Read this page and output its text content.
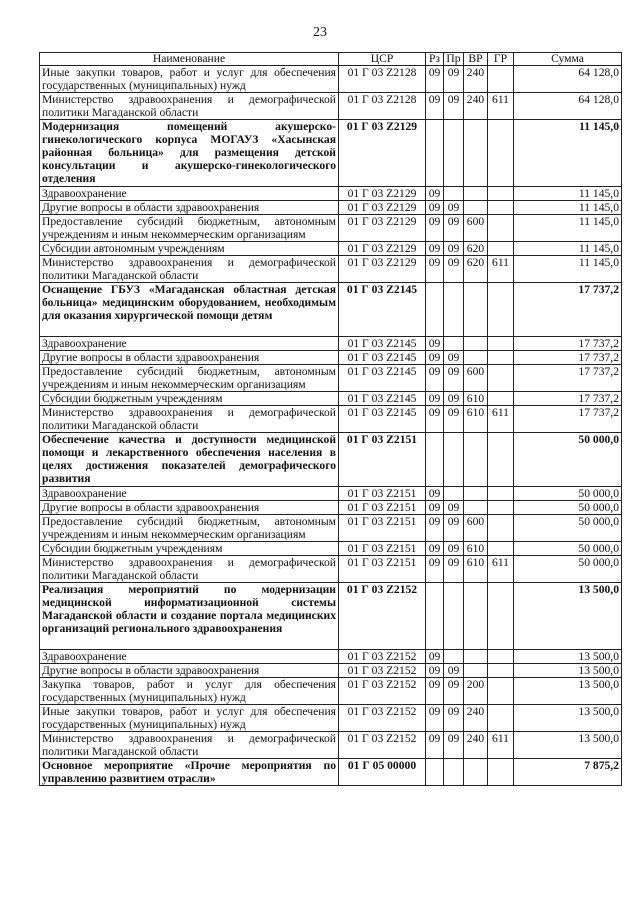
23
Наименование	ЦСР	Рз	Пр	ВР	ГР	Сумма
Иные закупки товаров, работ и услуг для обеспечения государственных (муниципальных) нужд	01 Г 03 Z2128	09	09	240		64 128,0
Министерство здравоохранения и демографической политики Магаданской области	01 Г 03 Z2128	09	09	240	611	64 128,0
Модернизация помещений акушерско-гинекологического корпуса МОГАУЗ «Хасынская районная больница» для размещения детской консультации и акушерско-гинекологического отделения	01 Г 03 Z2129					11 145,0
Здравоохранение	01 Г 03 Z2129	09				11 145,0
Другие вопросы в области здравоохранения	01 Г 03 Z2129	09	09			11 145,0
Предоставление субсидий бюджетным, автономным учреждениям и иным некоммерческим организациям	01 Г 03 Z2129	09	09	600		11 145,0
Субсидии автономным учреждениям	01 Г 03 Z2129	09	09	620		11 145,0
Министерство здравоохранения и демографической политики Магаданской области	01 Г 03 Z2129	09	09	620	611	11 145,0
Оснащение ГБУЗ «Магаданская областная детская больница» медицинским оборудованием, необходимым для оказания хирургической помощи детям	01 Г 03 Z2145					17 737,2
Здравоохранение	01 Г 03 Z2145	09				17 737,2
Другие вопросы в области здравоохранения	01 Г 03 Z2145	09	09			17 737,2
Предоставление субсидий бюджетным, автономным учреждениям и иным некоммерческим организациям	01 Г 03 Z2145	09	09	600		17 737,2
Субсидии бюджетным учреждениям	01 Г 03 Z2145	09	09	610		17 737,2
Министерство здравоохранения и демографической политики Магаданской области	01 Г 03 Z2145	09	09	610	611	17 737,2
Обеспечение качества и доступности медицинской помощи и лекарственного обеспечения населения в целях достижения показателей демографического развития	01 Г 03 Z2151					50 000,0
Здравоохранение	01 Г 03 Z2151	09				50 000,0
Другие вопросы в области здравоохранения	01 Г 03 Z2151	09	09			50 000,0
Предоставление субсидий бюджетным, автономным учреждениям и иным некоммерческим организациям	01 Г 03 Z2151	09	09	600		50 000,0
Субсидии бюджетным учреждениям	01 Г 03 Z2151	09	09	610		50 000,0
Министерство здравоохранения и демографической политики Магаданской области	01 Г 03 Z2151	09	09	610	611	50 000,0
Реализация мероприятий по модернизации медицинской информатизационной системы Магаданской области и создание портала медицинских организаций регионального здравоохранения	01 Г 03 Z2152					13 500,0
Здравоохранение	01 Г 03 Z2152	09				13 500,0
Другие вопросы в области здравоохранения	01 Г 03 Z2152	09	09			13 500,0
Закупка товаров, работ и услуг для обеспечения государственных (муниципальных) нужд	01 Г 03 Z2152	09	09	200		13 500,0
Иные закупки товаров, работ и услуг для обеспечения государственных (муниципальных) нужд	01 Г 03 Z2152	09	09	240		13 500,0
Министерство здравоохранения и демографической политики Магаданской области	01 Г 03 Z2152	09	09	240	611	13 500,0
Основное мероприятие «Прочие мероприятия по управлению развитием отрасли»	01 Г 05 00000					7 875,2
